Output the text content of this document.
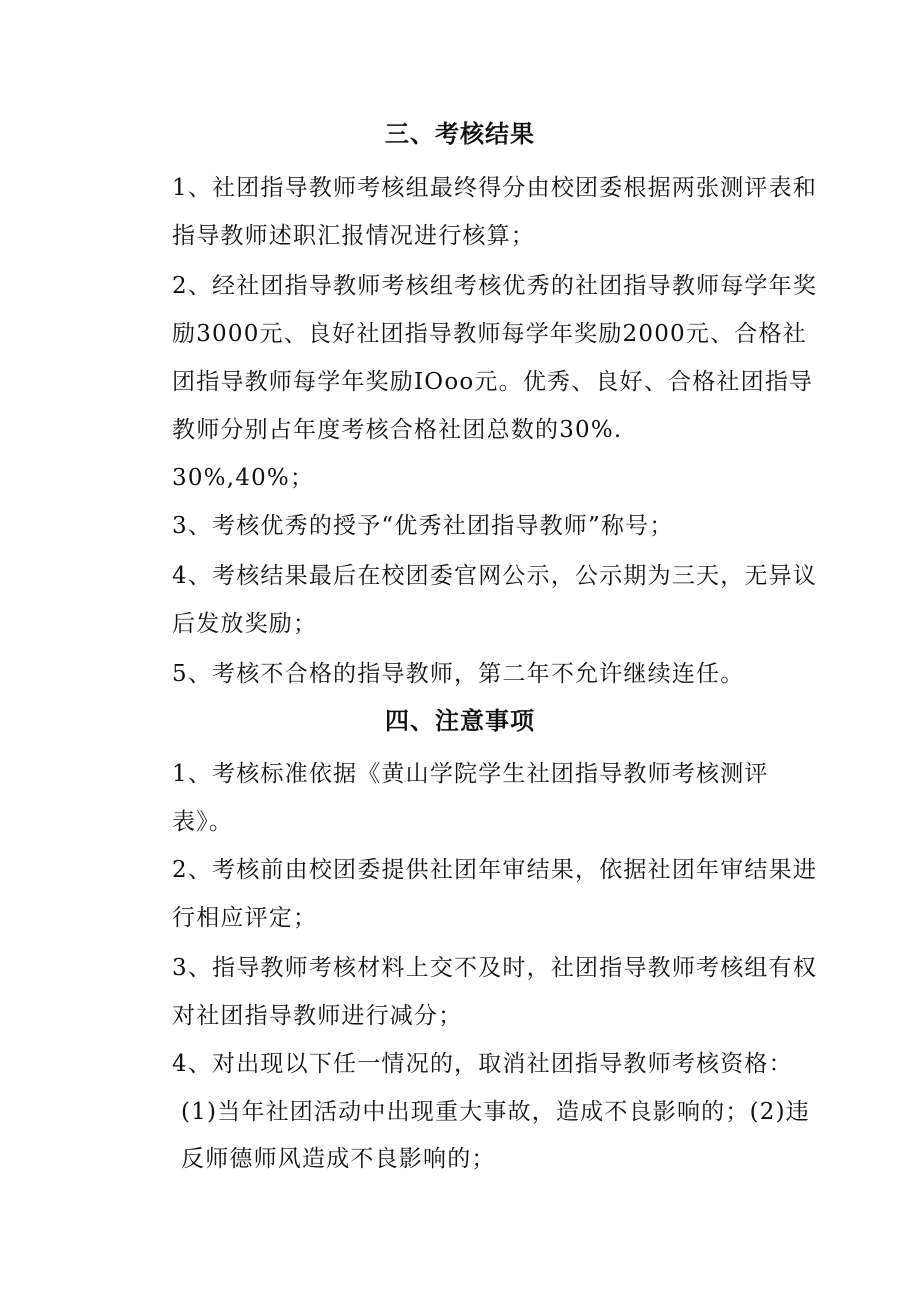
三、考核结果
1、社团指导教师考核组最终得分由校团委根据两张测评表和
指导教师述职汇报情况进行核算；
2、经社团指导教师考核组考核优秀的社团指导教师每学年奖
励3000元、良好社团指导教师每学年奖励2000元、合格社
团指导教师每学年奖励IOoo元。优秀、良好、合格社团指导
教师分别占年度考核合格社团总数的30%.
30%,40%；
3、考核优秀的授予“优秀社团指导教师”称号；
4、考核结果最后在校团委官网公示，公示期为三天，无异议
后发放奖励；
5、考核不合格的指导教师，第二年不允许继续连任。
四、注意事项
1、考核标准依据《黄山学院学生社团指导教师考核测评
表》。
2、考核前由校团委提供社团年审结果，依据社团年审结果进
行相应评定；
3、指导教师考核材料上交不及时，社团指导教师考核组有权
对社团指导教师进行减分；
4、对出现以下任一情况的，取消社团指导教师考核资格：
(1)当年社团活动中出现重大事故，造成不良影响的；(2)违
反师德师风造成不良影响的；
